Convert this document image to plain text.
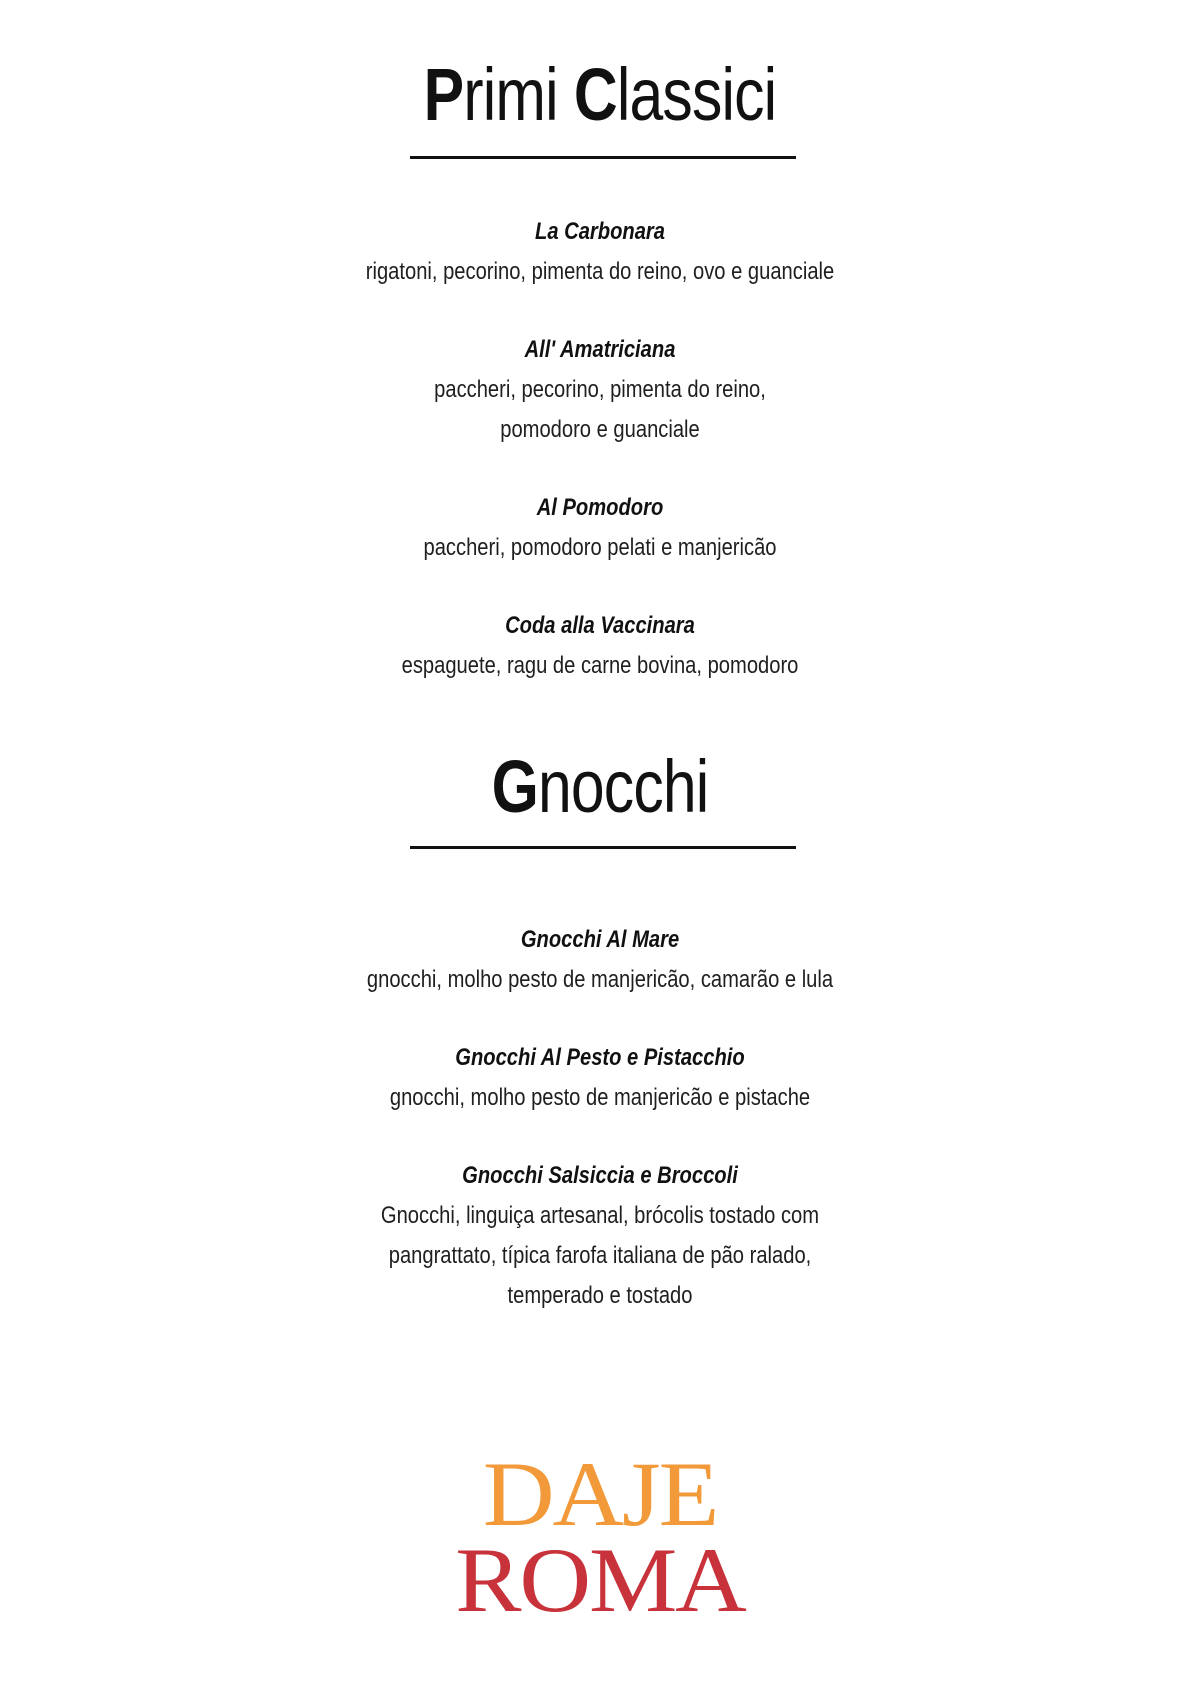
Primi Classici
La Carbonara
rigatoni, pecorino, pimenta do reino, ovo e guanciale
All' Amatriciana
paccheri, pecorino, pimenta do reino,
pomodoro e guanciale
Al Pomodoro
paccheri, pomodoro pelati e manjericão
Coda alla Vaccinara
espaguete, ragu de carne bovina, pomodoro
Gnocchi
Gnocchi Al Mare
gnocchi, molho pesto de manjericão, camarão e lula
Gnocchi Al Pesto e Pistacchio
gnocchi, molho pesto de manjericão e pistache
Gnocchi Salsiccia e Broccoli
Gnocchi, linguiça artesanal, brócolis tostado com
pangrattato, típica farofa italiana de pão ralado,
temperado e tostado
DAJE
ROMA
